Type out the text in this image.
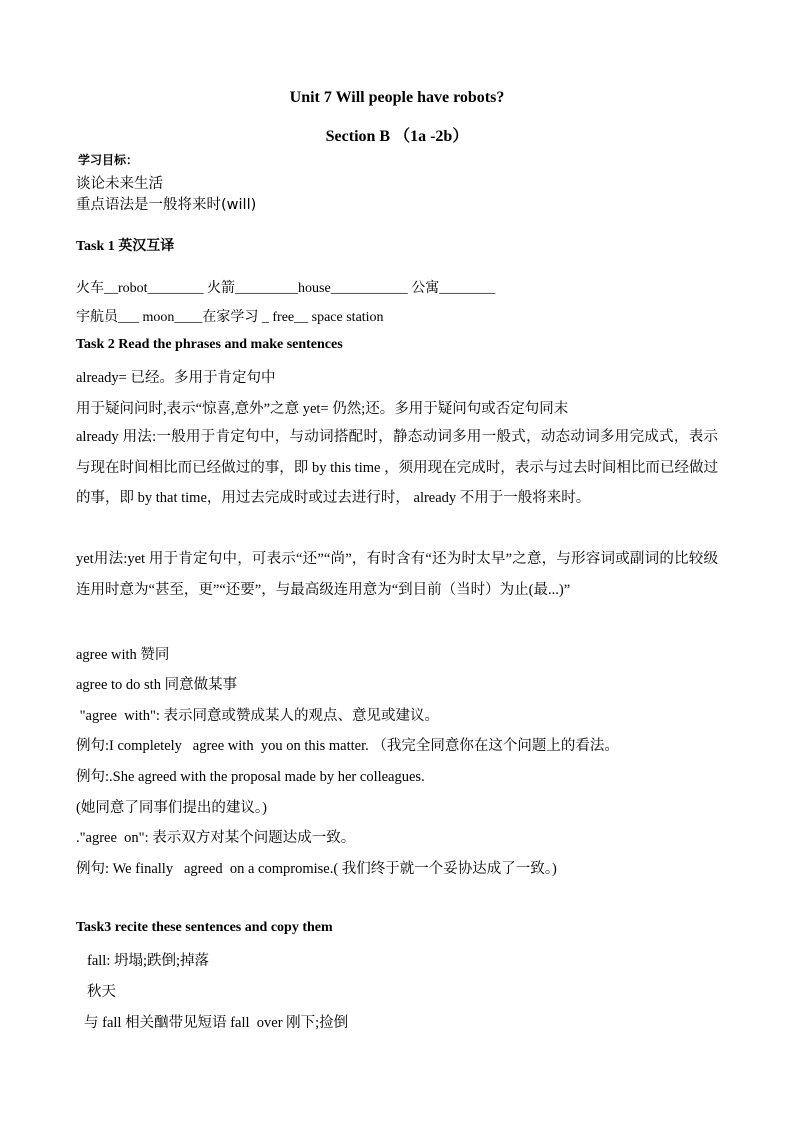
Unit 7 Will people have robots?
Section B （1a -2b）
学习目标：
谈论未来生活
重点语法是一般将来时(will)
Task 1 英汉互译
火车__robot________ 火箭_________house___________ 公寓________
宇航员___ moon____在家学习 _ free__ space station
Task 2 Read the phrases and make sentences
already= 已经。多用于肯定句中
用于疑问问时,表示“惊喜,意外”之意 yet= 仍然;还。多用于疑问句或否定句同末
already 用法:一般用于肯定句中，与动词搭配时，静态动词多用一般式，动态动词多用完成式，表示与现在时间相比而已经做过的事，即 by this time ，须用现在完成时，表示与过去时间相比而已经做过的事，即 by that time，用过去完成时或过去进行时， already 不用于一般将来时。
yet用法:yet 用于肯定句中，可表示“还”“尚”，有时含有“还为时太早”之意，与形容词或副词的比较级连用时意为“甚至，更”“还要”，与最高级连用意为“到目前（当时）为止(最...)”
agree with 赞同
agree to do sth 同意做某事
"agree  with": 表示同意或赞成某人的观点、意见或建议。
例句:I completely   agree with  you on this matter. （我完全同意你在这个问题上的看法。
例句:.She agreed with the proposal made by her colleagues.
(她同意了同事们提出的建议。)
."agree  on": 表示双方对某个问题达成一致。
例句: We finally   agreed  on a compromise.( 我们终于就一个妥协达成了一致。)
Task3 recite these sentences and copy them
fall: 坍塌;跌倒;掉落
秋天
与 fall 相关酗带见短语 fall  over 刚下;捡倒
